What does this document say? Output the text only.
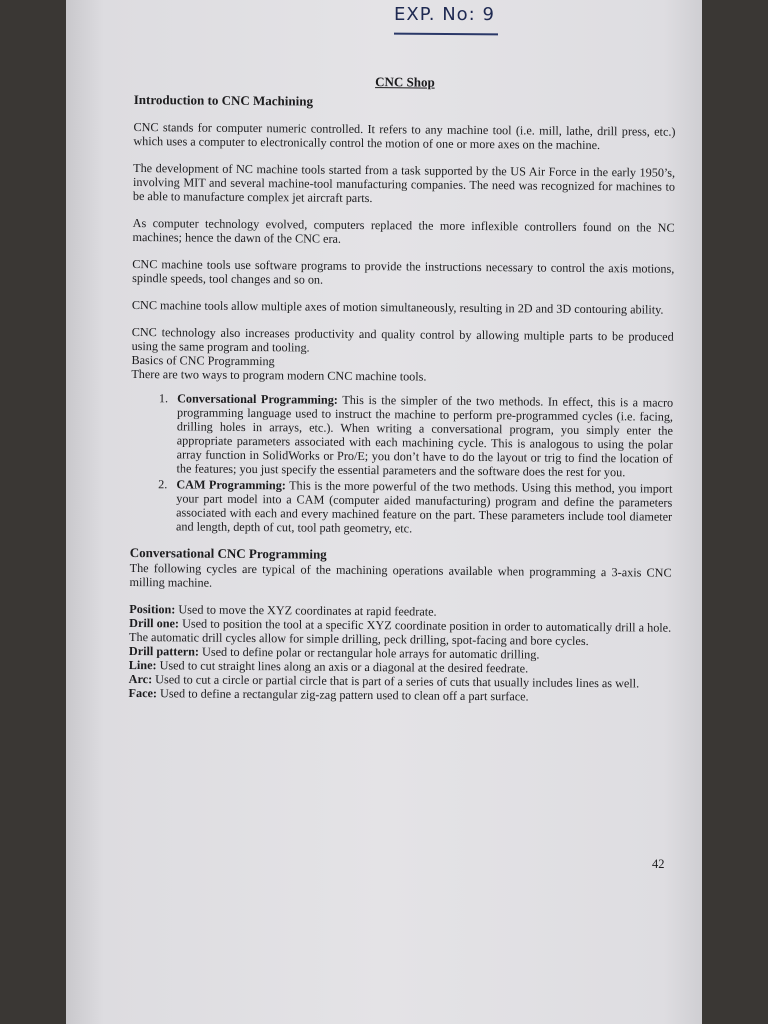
EXP. No: 9
CNC Shop
Introduction to CNC Machining

CNC stands for computer numeric controlled. It refers to any machine tool (i.e. mill, lathe, drill press, etc.) which uses a computer to electronically control the motion of one or more axes on the machine.

The development of NC machine tools started from a task supported by the US Air Force in the early 1950’s, involving MIT and several machine-tool manufacturing companies. The need was recognized for machines to be able to manufacture complex jet aircraft parts.

As computer technology evolved, computers replaced the more inflexible controllers found on the NC machines; hence the dawn of the CNC era.

CNC machine tools use software programs to provide the instructions necessary to control the axis motions, spindle speeds, tool changes and so on.

CNC machine tools allow multiple axes of motion simultaneously, resulting in 2D and 3D contouring ability.

CNC technology also increases productivity and quality control by allowing multiple parts to be produced using the same program and tooling.

Basics of CNC Programming

There are two ways to program modern CNC machine tools.

1. Conversational Programming: This is the simpler of the two methods. In effect, this is a macro programming language used to instruct the machine to perform pre-programmed cycles (i.e. facing, drilling holes in arrays, etc.). When writing a conversational program, you simply enter the appropriate parameters associated with each machining cycle. This is analogous to using the polar array function in SolidWorks or Pro/E; you don’t have to do the layout or trig to find the location of the features; you just specify the essential parameters and the software does the rest for you.
2. CAM Programming: This is the more powerful of the two methods. Using this method, you import your part model into a CAM (computer aided manufacturing) program and define the parameters associated with each and every machined feature on the part. These parameters include tool diameter and length, depth of cut, tool path geometry, etc.
Conversational CNC Programming

The following cycles are typical of the machining operations available when programming a 3-axis CNC milling machine.

Position: Used to move the XYZ coordinates at rapid feedrate.
Drill one: Used to position the tool at a specific XYZ coordinate position in order to automatically drill a hole. The automatic drill cycles allow for simple drilling, peck drilling, spot-facing and bore cycles.
Drill pattern: Used to define polar or rectangular hole arrays for automatic drilling.
Line: Used to cut straight lines along an axis or a diagonal at the desired feedrate.
Arc: Used to cut a circle or partial circle that is part of a series of cuts that usually includes lines as well.
Face: Used to define a rectangular zig-zag pattern used to clean off a part surface.
42
